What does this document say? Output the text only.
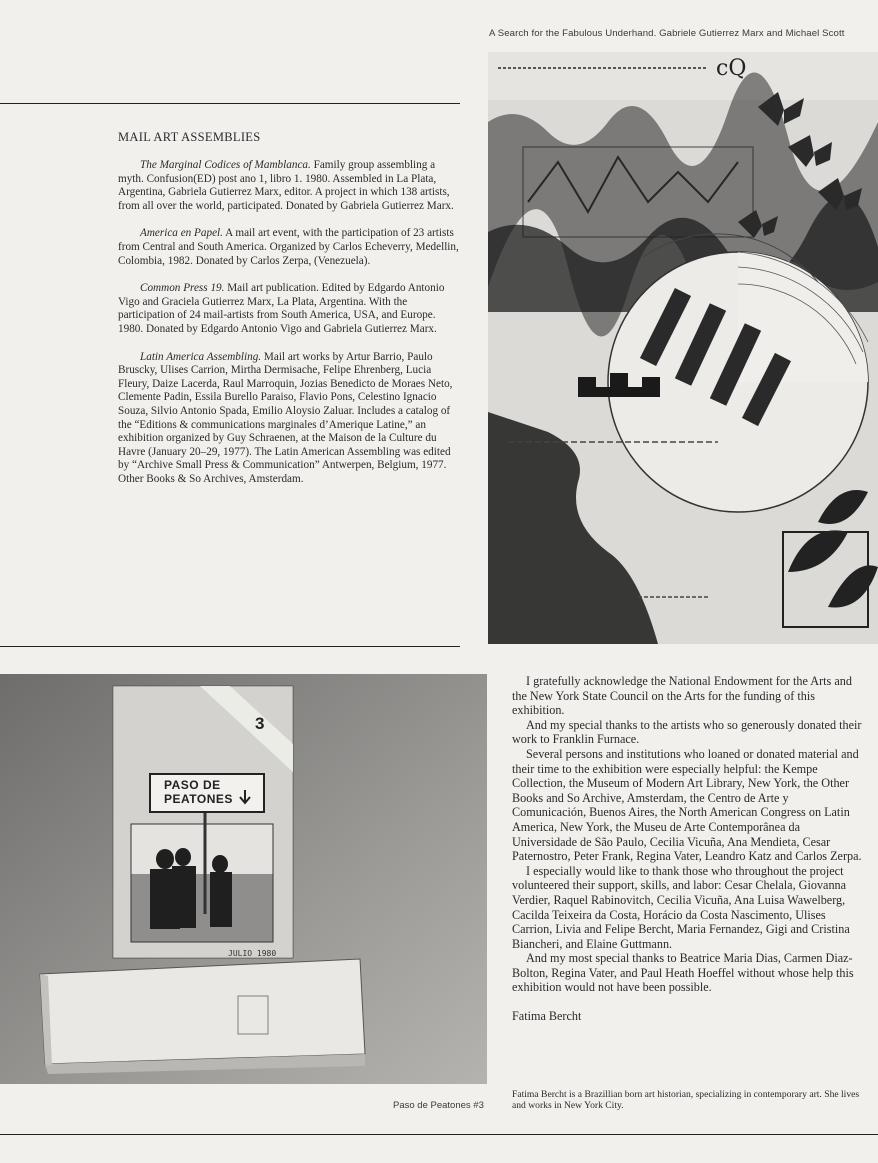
A Search for the Fabulous Underhand. Gabriele Gutierrez Marx and Michael Scott
MAIL ART ASSEMBLIES

The Marginal Codices of Mamblanca. Family group assembling a myth. Confusion(ED) post ano 1, libro 1. 1980. Assembled in La Plata, Argentina, Gabriela Gutierrez Marx, editor. A project in which 138 artists, from all over the world, participated. Donated by Gabriela Gutierrez Marx.

America en Papel. A mail art event, with the participation of 23 artists from Central and South America. Organized by Carlos Echeverry, Medellin, Colombia, 1982. Donated by Carlos Zerpa, (Venezuela).

Common Press 19. Mail art publication. Edited by Edgardo Antonio Vigo and Graciela Gutierrez Marx, La Plata, Argentina. With the participation of 24 mail-artists from South America, USA, and Europe. 1980. Donated by Edgardo Antonio Vigo and Gabriela Gutierrez Marx.

Latin America Assembling. Mail art works by Artur Barrio, Paulo Bruscky, Ulises Carrion, Mirtha Dermisache, Felipe Ehrenberg, Lucia Fleury, Daize Lacerda, Raul Marroquin, Jozias Benedicto de Moraes Neto, Clemente Padin, Essila Burello Paraiso, Flavio Pons, Celestino Ignacio Souza, Silvio Antonio Spada, Emilio Aloysio Zaluar. Includes a catalog of the “Editions & communications marginales d’Amerique Latine,” an exhibition organized by Guy Schraenen, at the Maison de la Culture du Havre (January 20–29, 1977). The Latin American Assembling was edited by “Archive Small Press & Communication” Antwerpen, Belgium, 1977. Other Books & So Archives, Amsterdam.

cQ
JULIO 1980
3
PASO DE
PEATONES
Paso de Peatones #3

I gratefully acknowledge the National Endowment for the Arts and the New York State Council on the Arts for the funding of this exhibition.

And my special thanks to the artists who so generously donated their work to Franklin Furnace.

Several persons and institutions who loaned or donated material and their time to the exhibition were especially helpful: the Kempe Collection, the Museum of Modern Art Library, New York, the Other Books and So Archive, Amsterdam, the Centro de Arte y Comunicación, Buenos Aires, the North American Congress on Latin America, New York, the Museu de Arte Contemporânea da Universidade de São Paulo, Cecilia Vicuña, Ana Mendieta, Cesar Paternostro, Peter Frank, Regina Vater, Leandro Katz and Carlos Zerpa.

I especially would like to thank those who throughout the project volunteered their support, skills, and labor: Cesar Chelala, Giovanna Verdier, Raquel Rabinovitch, Cecilia Vicuña, Ana Luisa Wawelberg, Cacilda Teixeira da Costa, Horácio da Costa Nascimento, Ulises Carrion, Livia and Felipe Bercht, Maria Fernandez, Gigi and Cristina Biancheri, and Elaine Guttmann.

And my most special thanks to Beatrice Maria Dias, Carmen Diaz-Bolton, Regina Vater, and Paul Heath Hoeffel without whose help this exhibition would not have been possible.

Fatima Bercht
Fatima Bercht is a Brazillian born art historian, specializing in contemporary art. She lives and works in New York City.
